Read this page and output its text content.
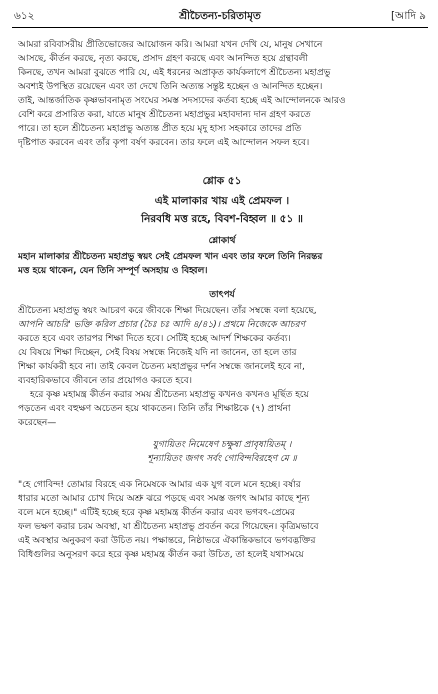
৬১২	শ্রীচৈতন্য-চরিতামৃত	[আদি ৯
আমরা রবিবাসরীয় প্রীতিভোজের আয়োজন করি। আমরা যখন দেখি যে, মানুষ সেখানে
আসছে, কীর্তন করছে, নৃত্য করছে, প্রসাদ গ্রহণ করছে এবং আনন্দিত হয়ে গ্রন্থাবলী
কিনছে, তখন আমরা বুঝতে পারি যে, এই ধরনের অপ্রাকৃত কার্যকলাপে শ্রীচৈতন্য মহাপ্রভু
অবশ্যই উপস্থিত রয়েছেন এবং তা দেখে তিনি অত্যন্ত সন্তুষ্ট হচ্ছেন ও আনন্দিত হচ্ছেন।
তাই, আন্তর্জাতিক কৃষ্ণভাবনামৃত সংঘের সমস্ত সদস্যদের কর্তব্য হচ্ছে এই আন্দোলনকে আরও
বেশি করে প্রসারিত করা, যাতে মানুষ শ্রীচৈতন্য মহাপ্রভুর মহাবদান্য দান গ্রহণ করতে
পারে। তা হলে শ্রীচৈতন্য মহাপ্রভু অত্যন্ত প্রীত হয়ে মৃদু হাস্য সহকারে তাদের প্রতি
দৃষ্টিপাত করবেন এবং তাঁর কৃপা বর্ষণ করবেন। তার ফলে এই আন্দোলন সফল হবে।
শ্লোক ৫১
এই মালাকার খায় এই প্রেমফল ।
নিরবধি মত্ত রহে, বিবশ-বিহ্বল ॥ ৫১ ॥
শ্লোকার্থ
মহান মালাকার শ্রীচৈতন্য মহাপ্রভু স্বয়ং সেই প্রেমফল খান এবং তার ফলে তিনি নিরন্তর
মত্ত হয়ে থাকেন, যেন তিনি সম্পূর্ণ অসহায় ও বিহ্বল।
তাৎপর্য
শ্রীচৈতন্য মহাপ্রভু স্বয়ং আচরণ করে জীবকে শিক্ষা দিয়েছেন। তাঁর সম্বন্ধে বলা হয়েছে,
আপনি আচরি' ভক্তি করিল প্রচার (চৈঃ চঃ আদি ৪/৪১)। প্রথমে নিজেকে আচরণ
করতে হবে এবং তারপর শিক্ষা দিতে হবে। সেটিই হচ্ছে আদর্শ শিক্ষকের কর্তব্য।
যে বিষয়ে শিক্ষা দিচ্ছেন, সেই বিষয় সম্বন্ধে নিজেই যদি না জানেন, তা হলে তার
শিক্ষা কার্যকরী হবে না। তাই কেবল চৈতন্য মহাপ্রভুর দর্শন সম্বন্ধে জানলেই হবে না,
ব্যবহারিকভাবে জীবনে তার প্রয়োগও করতে হবে।
হরে কৃষ্ণ মহামন্ত্র কীর্তন করার সময় শ্রীচৈতন্য মহাপ্রভু কখনও কখনও মূর্ছিত হয়ে
পড়তেন এবং বহুক্ষণ অচেতন হয়ে থাকতেন। তিনি তাঁর শিক্ষাষ্টকে (৭) প্রার্থনা
করেছেন—
যুগায়িতং নিমেষেণ চক্ষুষা প্রাবৃষায়িতম্ ।
শূন্যায়িতং জগৎ সর্বং গোবিন্দবিরহেণ মে ॥
"হে গোবিন্দ! তোমার বিরহে এক নিমেষকে আমার এক যুগ বলে মনে হচ্ছে। বর্ষার
ধারার মতো আমার চোখ দিয়ে অশ্রু ঝরে পড়ছে এবং সমস্ত জগৎ আমার কাছে শূন্য
বলে মনে হচ্ছে।" এটিই হচ্ছে হরে কৃষ্ণ মহামন্ত্র কীর্তন করার এবং ভগবৎ-প্রেমের
ফল ভক্ষণ করার চরম অবস্থা, যা শ্রীচৈতন্য মহাপ্রভু প্রবর্তন করে গিয়েছেন। কৃত্রিমভাবে
এই অবস্থার অনুকরণ করা উচিত নয়। পক্ষান্তরে, নিষ্ঠাভরে ঐকান্তিকভাবে ভগবদ্ভক্তির
বিধিগুলির অনুসরণ করে হরে কৃষ্ণ মহামন্ত্র কীর্তন করা উচিত, তা হলেই যথাসময়ে
